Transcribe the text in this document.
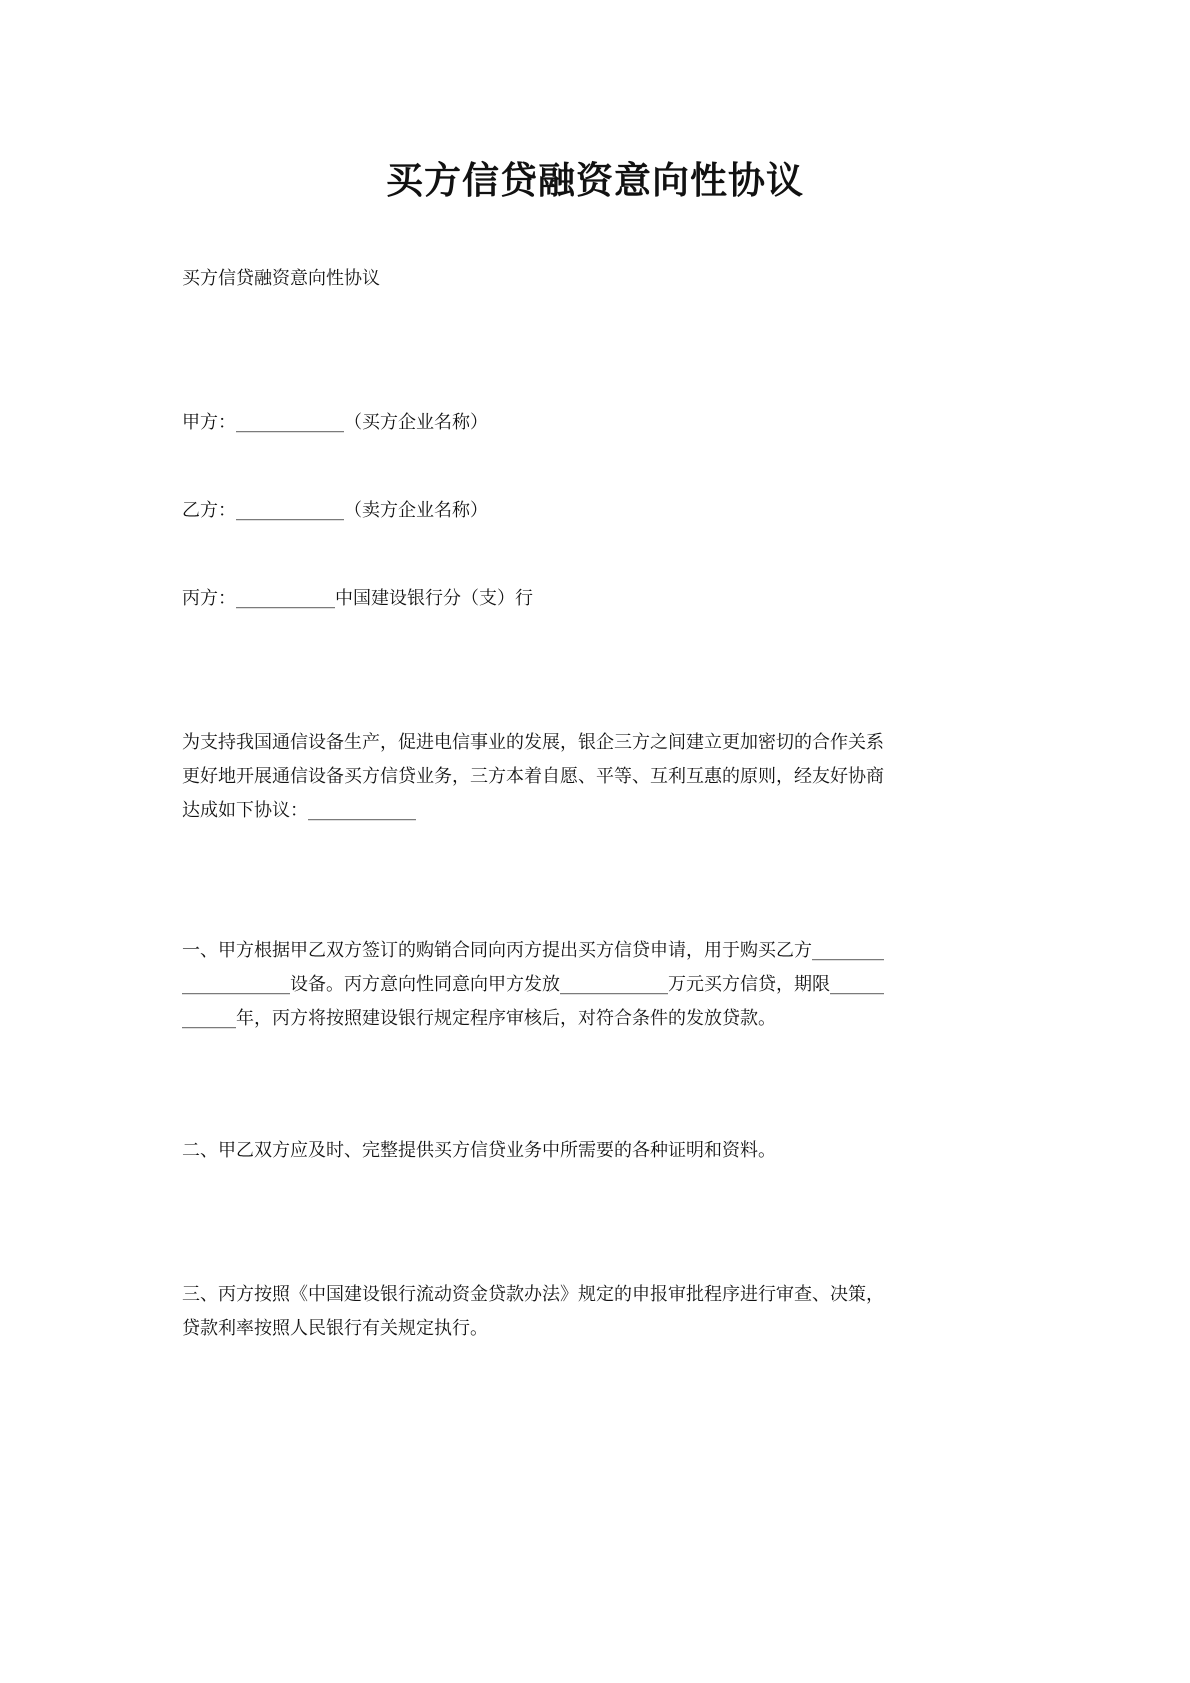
买方信贷融资意向性协议
买方信贷融资意向性协议
甲方：____________（买方企业名称）
乙方：____________（卖方企业名称）
丙方：___________中国建设银行分（支）行
为支持我国通信设备生产，促进电信事业的发展，银企三方之间建立更加密切的合作关系
更好地开展通信设备买方信贷业务，三方本着自愿、平等、互利互惠的原则，经友好协商
达成如下协议：____________
一、甲方根据甲乙双方签订的购销合同向丙方提出买方信贷申请，用于购买乙方________
____________设备。丙方意向性同意向甲方发放____________万元买方信贷，期限______
______年，丙方将按照建设银行规定程序审核后，对符合条件的发放贷款。
二、甲乙双方应及时、完整提供买方信贷业务中所需要的各种证明和资料。
三、丙方按照《中国建设银行流动资金贷款办法》规定的申报审批程序进行审查、决策，
贷款利率按照人民银行有关规定执行。
